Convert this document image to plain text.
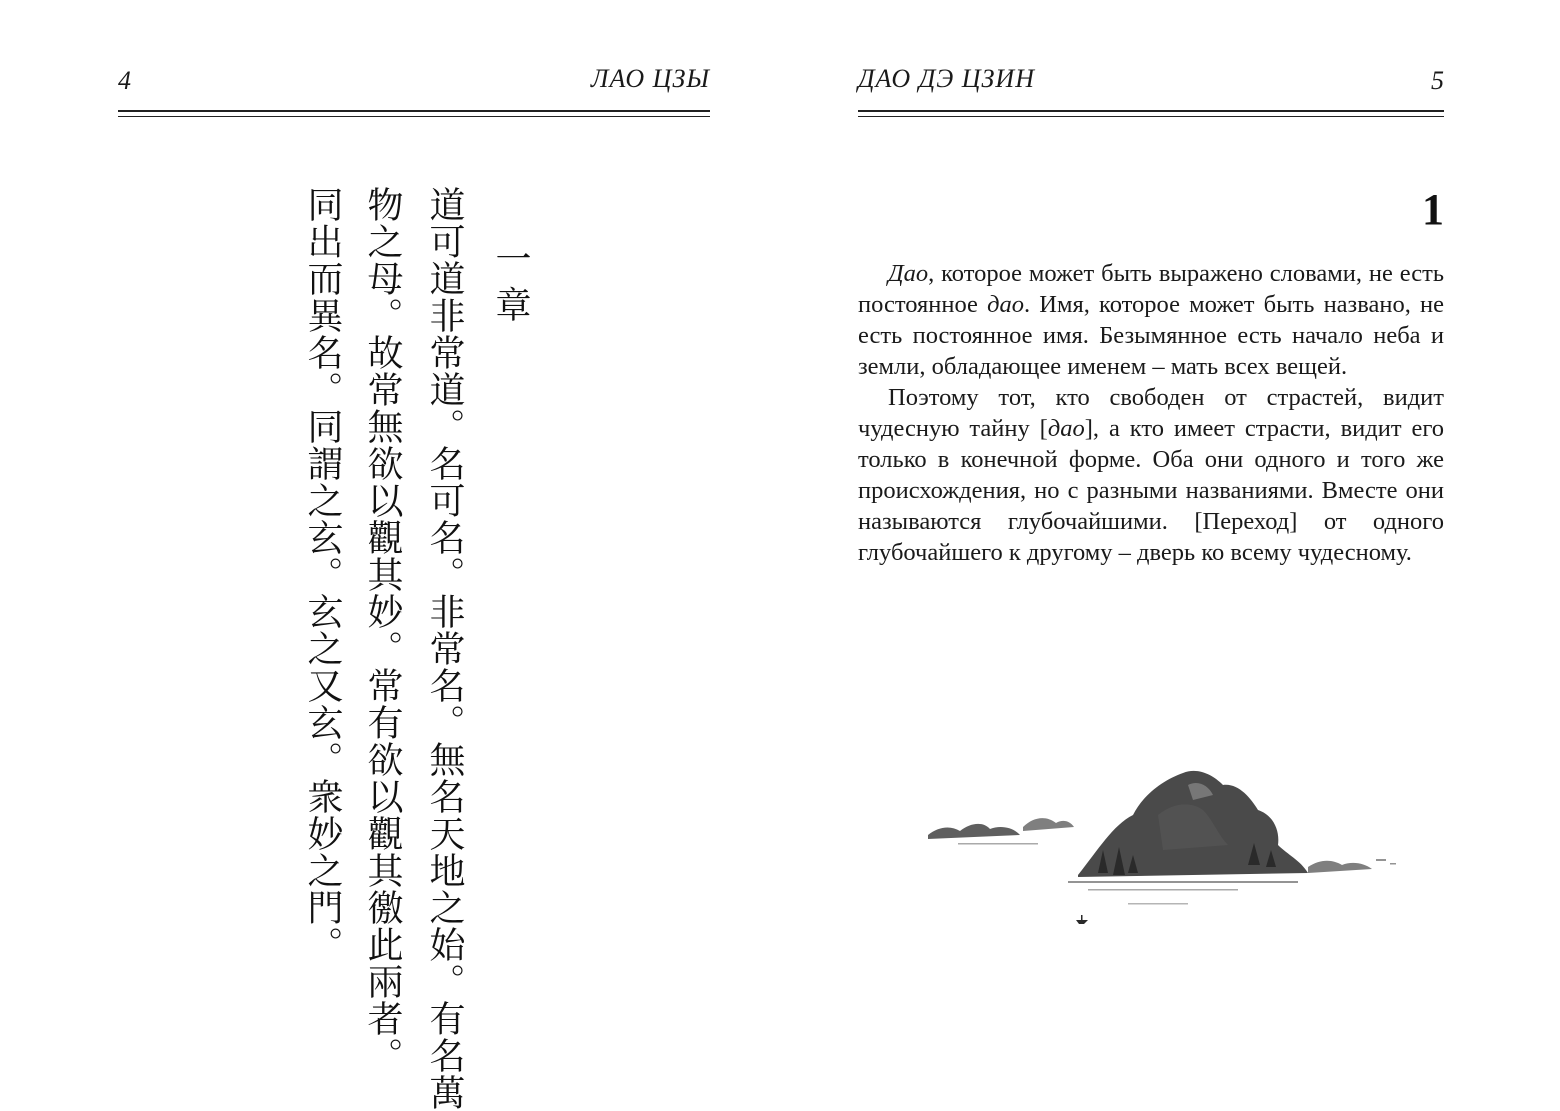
4	ЛАО ЦЗЫ
一章
道可道非常道。名可名。非常名。無名天地之始。有名萬
物之母。故常無欲以觀其妙。常有欲以觀其徼此兩者。
同出而異名。同謂之玄。玄之又玄。衆妙之門。
ДАО ДЭ ЦЗИН	5
1

Дао, которое может быть выражено словами, не есть постоянное дао. Имя, которое может быть названо, не есть постоянное имя. Безымянное есть начало неба и земли, обладающее именем – мать всех вещей.

Поэтому тот, кто свободен от страстей, видит чудесную тайну [дао], а кто имеет страсти, видит его только в конечной форме. Оба они одного и того же происхождения, но с разными названиями. Вместе они называются глубочайшими. [Переход] от одного глубочайшего к другому – дверь ко всему чудесному.
